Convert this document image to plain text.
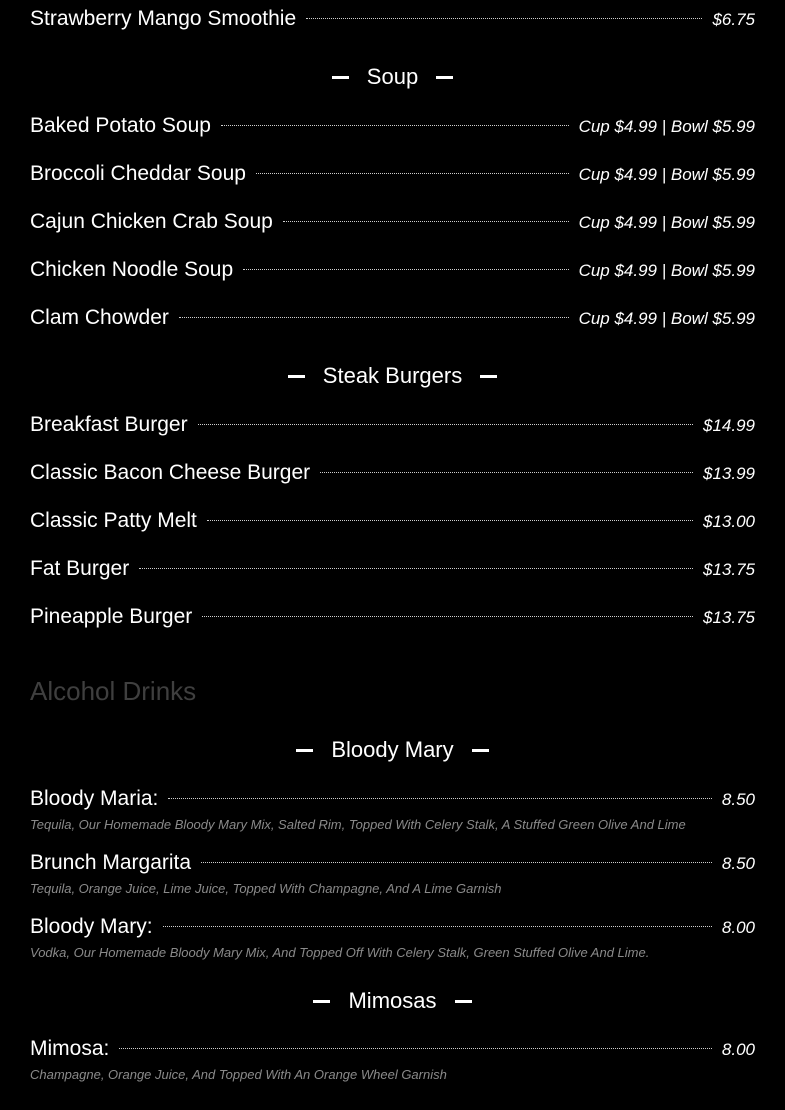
Strawberry Mango Smoothie	$6.75
Soup
Baked Potato Soup	Cup $4.99 | Bowl $5.99
Broccoli Cheddar Soup	Cup $4.99 | Bowl $5.99
Cajun Chicken Crab Soup	Cup $4.99 | Bowl $5.99
Chicken Noodle Soup	Cup $4.99 | Bowl $5.99
Clam Chowder	Cup $4.99 | Bowl $5.99
Steak Burgers
Breakfast Burger	$14.99
Classic Bacon Cheese Burger	$13.99
Classic Patty Melt	$13.00
Fat Burger	$13.75
Pineapple Burger	$13.75
Alcohol Drinks
Bloody Mary
Bloody Maria:	8.50
Tequila, Our Homemade Bloody Mary Mix, Salted Rim, Topped With Celery Stalk, A Stuffed Green Olive And Lime
Brunch Margarita	8.50
Tequila, Orange Juice, Lime Juice, Topped With Champagne, And A Lime Garnish
Bloody Mary:	8.00
Vodka, Our Homemade Bloody Mary Mix, And Topped Off With Celery Stalk, Green Stuffed Olive And Lime.
Mimosas
Mimosa:	8.00
Champagne, Orange Juice, And Topped With An Orange Wheel Garnish
